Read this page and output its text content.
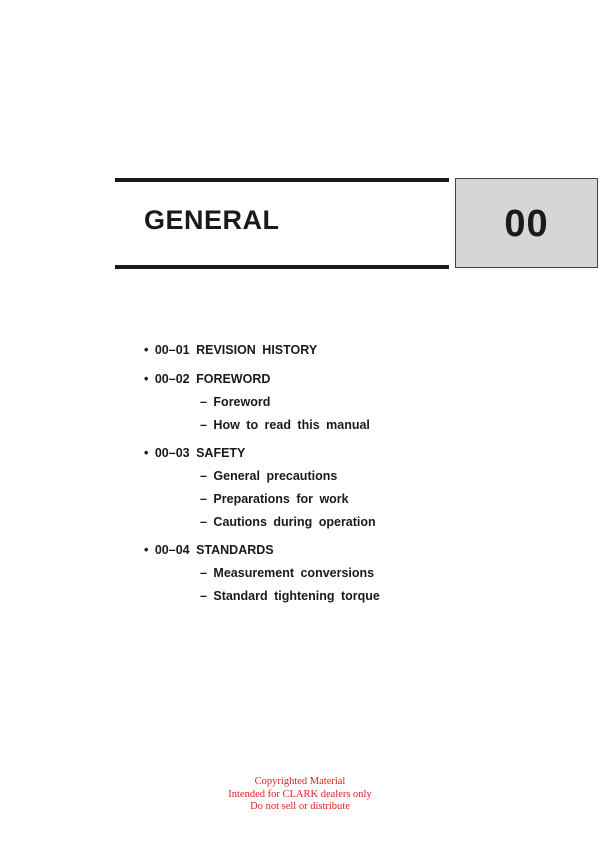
GENERAL	00
• 00–01 REVISION HISTORY
• 00–02 FOREWORD
– Foreword
– How to read this manual
• 00–03 SAFETY
– General precautions
– Preparations for work
– Cautions during operation
• 00–04 STANDARDS
– Measurement conversions
– Standard tightening torque
Copyrighted Material
Intended for CLARK dealers only
Do not sell or distribute
